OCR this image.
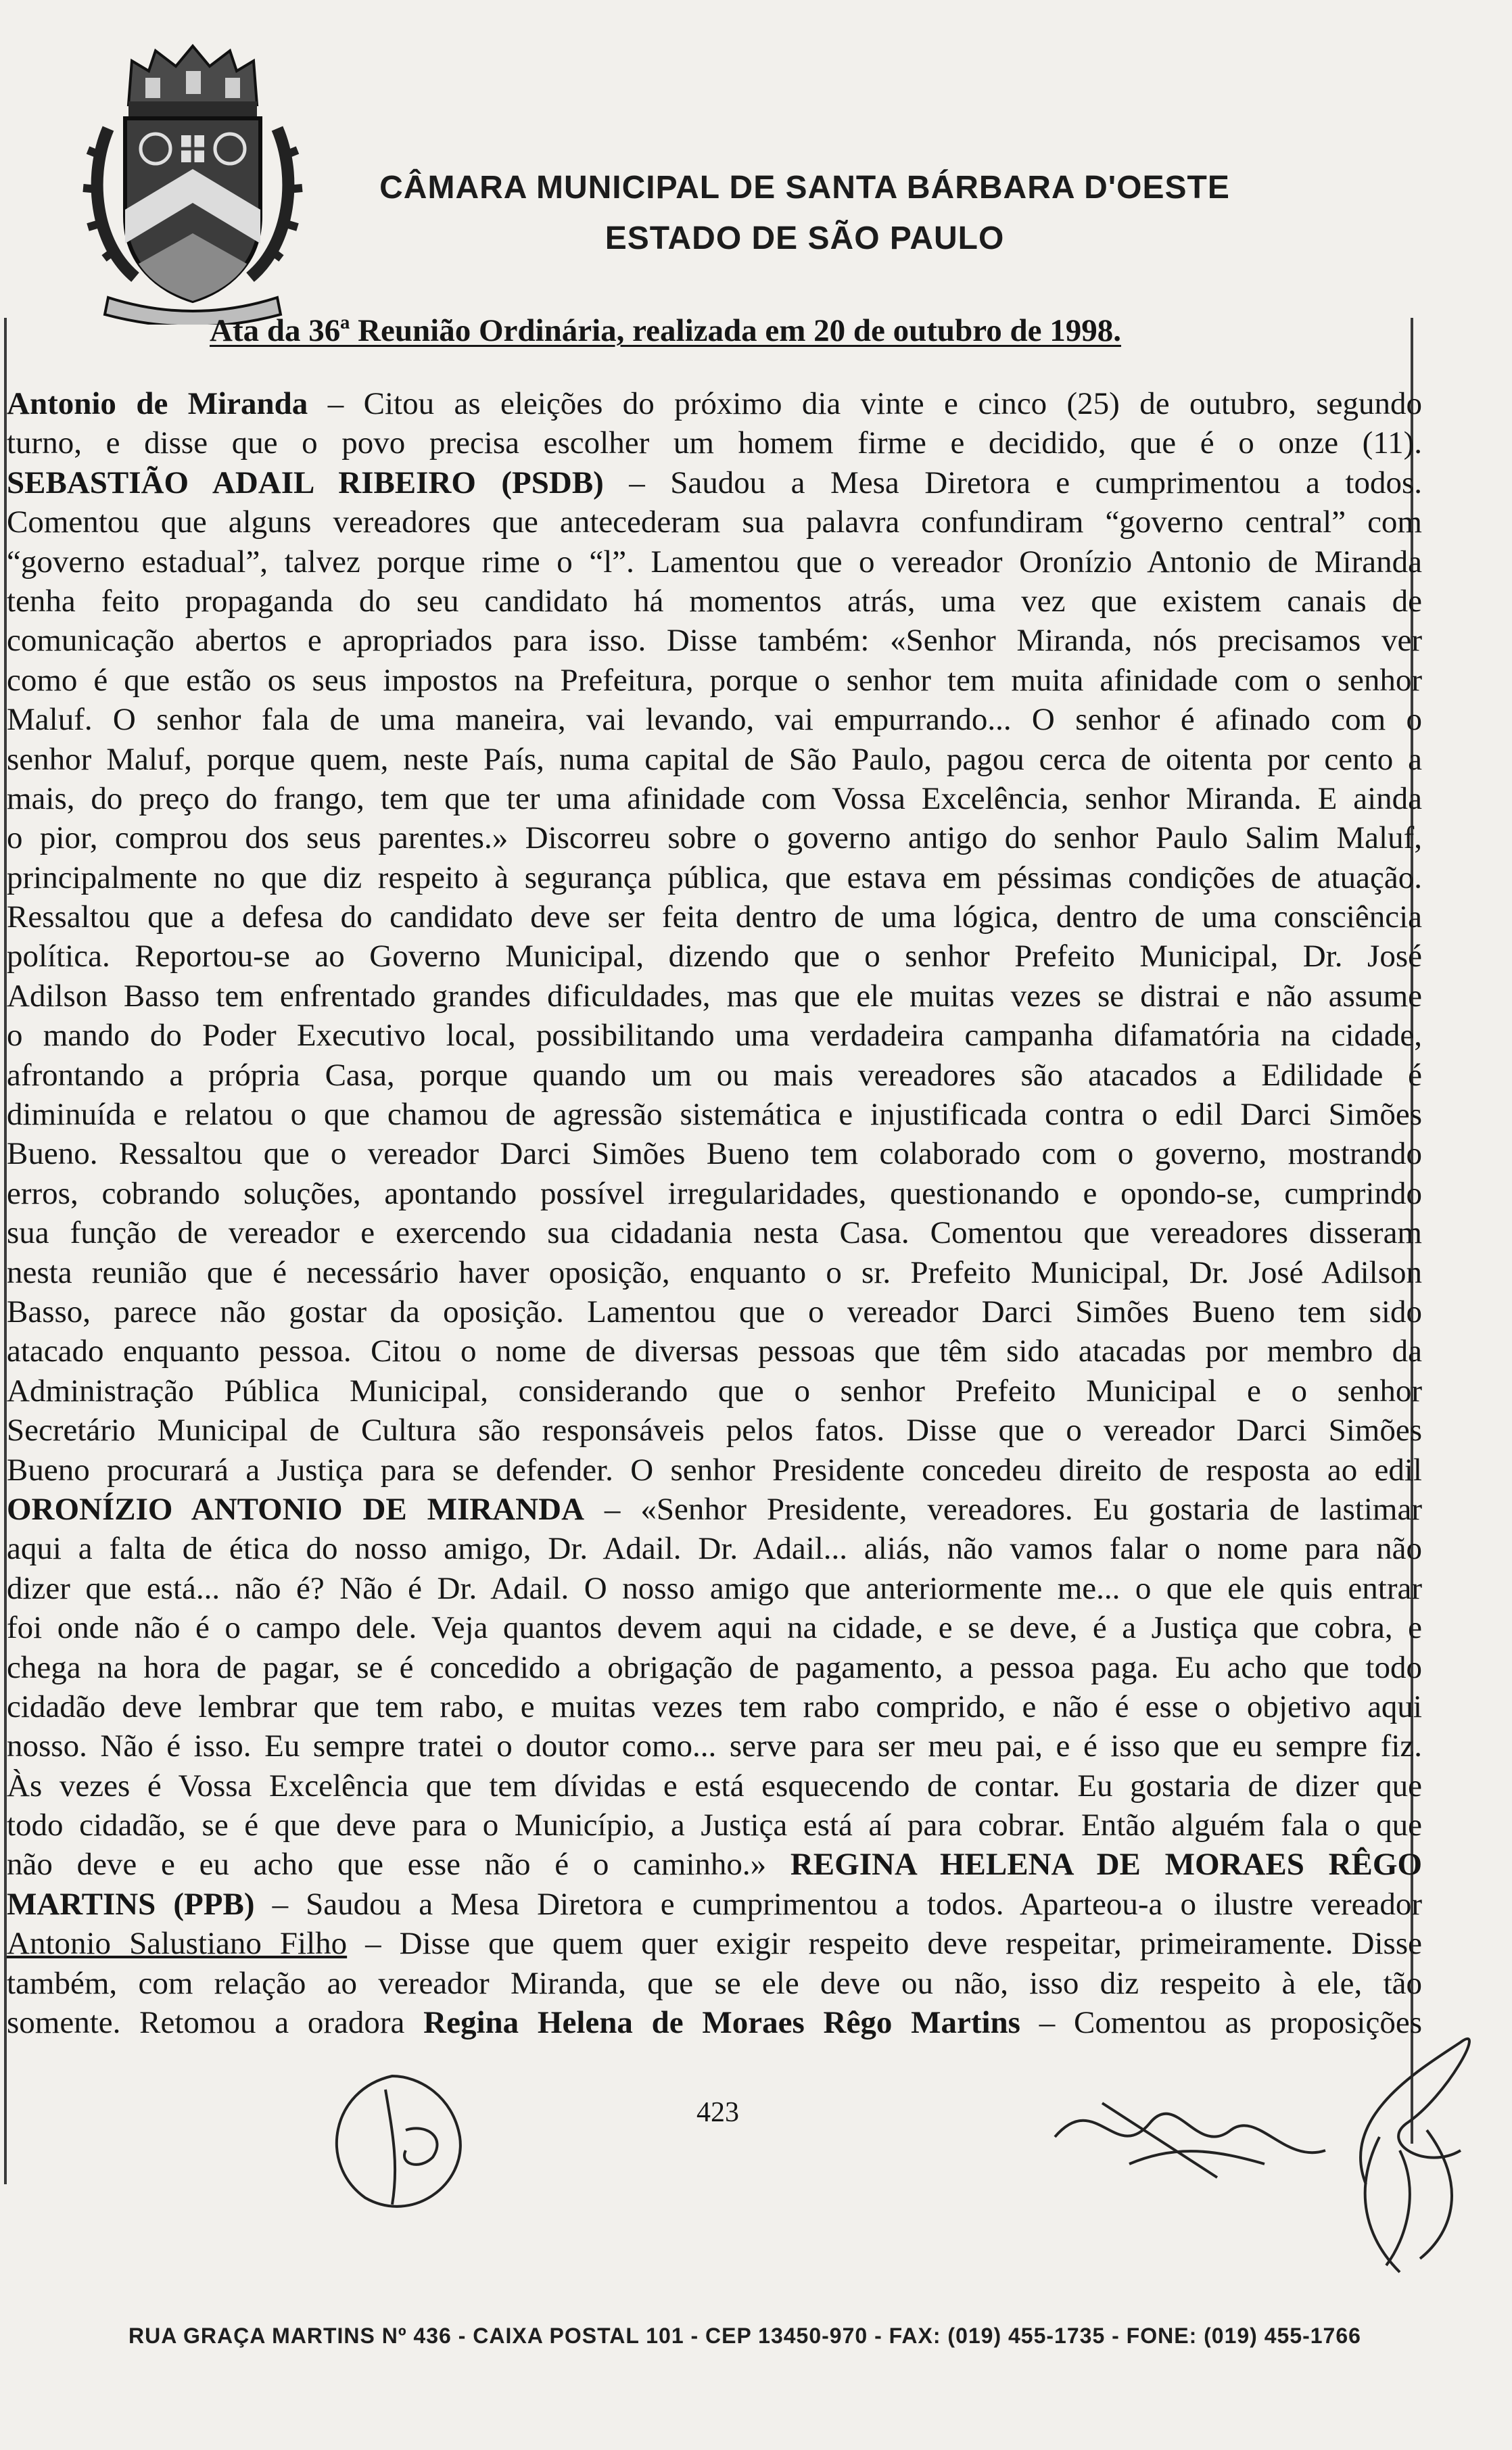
CÂMARA MUNICIPAL DE SANTA BÁRBARA D'OESTE
ESTADO DE SÃO PAULO
Ata da 36ª Reunião Ordinária, realizada em 20 de outubro de 1998.
Antonio de Miranda – Citou as eleições do próximo dia vinte e cinco (25) de outubro, segundo
turno, e disse que o povo precisa escolher um homem firme e decidido, que é o onze (11).
SEBASTIÃO ADAIL RIBEIRO (PSDB) – Saudou a Mesa Diretora e cumprimentou a todos.
Comentou que alguns vereadores que antecederam sua palavra confundiram “governo central” com
“governo estadual”, talvez porque rime o “l”. Lamentou que o vereador Oronízio Antonio de Miranda
tenha feito propaganda do seu candidato há momentos atrás, uma vez que existem canais de
comunicação abertos e apropriados para isso. Disse também: «Senhor Miranda, nós precisamos ver
como é que estão os seus impostos na Prefeitura, porque o senhor tem muita afinidade com o senhor
Maluf. O senhor fala de uma maneira, vai levando, vai empurrando... O senhor é afinado com o
senhor Maluf, porque quem, neste País, numa capital de São Paulo, pagou cerca de oitenta por cento a
mais, do preço do frango, tem que ter uma afinidade com Vossa Excelência, senhor Miranda. E ainda
o pior, comprou dos seus parentes.» Discorreu sobre o governo antigo do senhor Paulo Salim Maluf,
principalmente no que diz respeito à segurança pública, que estava em péssimas condições de atuação.
Ressaltou que a defesa do candidato deve ser feita dentro de uma lógica, dentro de uma consciência
política. Reportou-se ao Governo Municipal, dizendo que o senhor Prefeito Municipal, Dr. José
Adilson Basso tem enfrentado grandes dificuldades, mas que ele muitas vezes se distrai e não assume
o mando do Poder Executivo local, possibilitando uma verdadeira campanha difamatória na cidade,
afrontando a própria Casa, porque quando um ou mais vereadores são atacados a Edilidade é
diminuída e relatou o que chamou de agressão sistemática e injustificada contra o edil Darci Simões
Bueno. Ressaltou que o vereador Darci Simões Bueno tem colaborado com o governo, mostrando
erros, cobrando soluções, apontando possível irregularidades, questionando e opondo-se, cumprindo
sua função de vereador e exercendo sua cidadania nesta Casa. Comentou que vereadores disseram
nesta reunião que é necessário haver oposição, enquanto o sr. Prefeito Municipal, Dr. José Adilson
Basso, parece não gostar da oposição. Lamentou que o vereador Darci Simões Bueno tem sido
atacado enquanto pessoa. Citou o nome de diversas pessoas que têm sido atacadas por membro da
Administração Pública Municipal, considerando que o senhor Prefeito Municipal e o senhor
Secretário Municipal de Cultura são responsáveis pelos fatos. Disse que o vereador Darci Simões
Bueno procurará a Justiça para se defender. O senhor Presidente concedeu direito de resposta ao edil
ORONÍZIO ANTONIO DE MIRANDA – «Senhor Presidente, vereadores. Eu gostaria de lastimar
aqui a falta de ética do nosso amigo, Dr. Adail. Dr. Adail... aliás, não vamos falar o nome para não
dizer que está... não é? Não é Dr. Adail. O nosso amigo que anteriormente me... o que ele quis entrar
foi onde não é o campo dele. Veja quantos devem aqui na cidade, e se deve, é a Justiça que cobra, e
chega na hora de pagar, se é concedido a obrigação de pagamento, a pessoa paga. Eu acho que todo
cidadão deve lembrar que tem rabo, e muitas vezes tem rabo comprido, e não é esse o objetivo aqui
nosso. Não é isso. Eu sempre tratei o doutor como... serve para ser meu pai, e é isso que eu sempre fiz.
Às vezes é Vossa Excelência que tem dívidas e está esquecendo de contar. Eu gostaria de dizer que
todo cidadão, se é que deve para o Município, a Justiça está aí para cobrar. Então alguém fala o que
não deve e eu acho que esse não é o caminho.» REGINA HELENA DE MORAES RÊGO
MARTINS (PPB) – Saudou a Mesa Diretora e cumprimentou a todos. Aparteou-a o ilustre vereador
Antonio Salustiano Filho – Disse que quem quer exigir respeito deve respeitar, primeiramente. Disse
também, com relação ao vereador Miranda, que se ele deve ou não, isso diz respeito à ele, tão
somente. Retomou a oradora Regina Helena de Moraes Rêgo Martins – Comentou as proposições
423
RUA GRAÇA MARTINS Nº 436 - CAIXA POSTAL 101 - CEP 13450-970 - FAX: (019) 455-1735 - FONE: (019) 455-1766
